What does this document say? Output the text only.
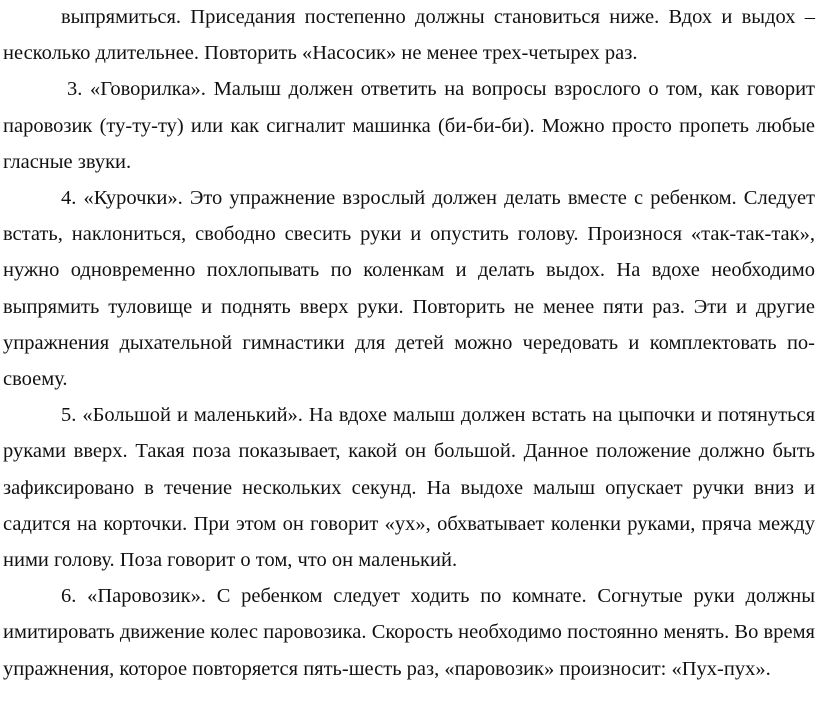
выпрямиться. Приседания постепенно должны становиться ниже. Вдох и выдох – несколько длительнее. Повторить «Насосик» не менее трех-четырех раз.

3. «Говорилка». Малыш должен ответить на вопросы взрослого о том, как говорит паровозик (ту-ту-ту) или как сигналит машинка (би-би-би). Можно просто пропеть любые гласные звуки.

4. «Курочки». Это упражнение взрослый должен делать вместе с ребенком. Следует встать, наклониться, свободно свесить руки и опустить голову. Произнося «так-так-так», нужно одновременно похлопывать по коленкам и делать выдох. На вдохе необходимо выпрямить туловище и поднять вверх руки. Повторить не менее пяти раз. Эти и другие упражнения дыхательной гимнастики для детей можно чередовать и комплектовать по-своему.

5. «Большой и маленький». На вдохе малыш должен встать на цыпочки и потянуться руками вверх. Такая поза показывает, какой он большой. Данное положение должно быть зафиксировано в течение нескольких секунд. На выдохе малыш опускает ручки вниз и садится на корточки. При этом он говорит «ух», обхватывает коленки руками, пряча между ними голову. Поза говорит о том, что он маленький.

6. «Паровозик». С ребенком следует ходить по комнате. Согнутые руки должны имитировать движение колес паровозика. Скорость необходимо постоянно менять. Во время упражнения, которое повторяется пять-шесть раз, «паровозик» произносит: «Пух-пух».
